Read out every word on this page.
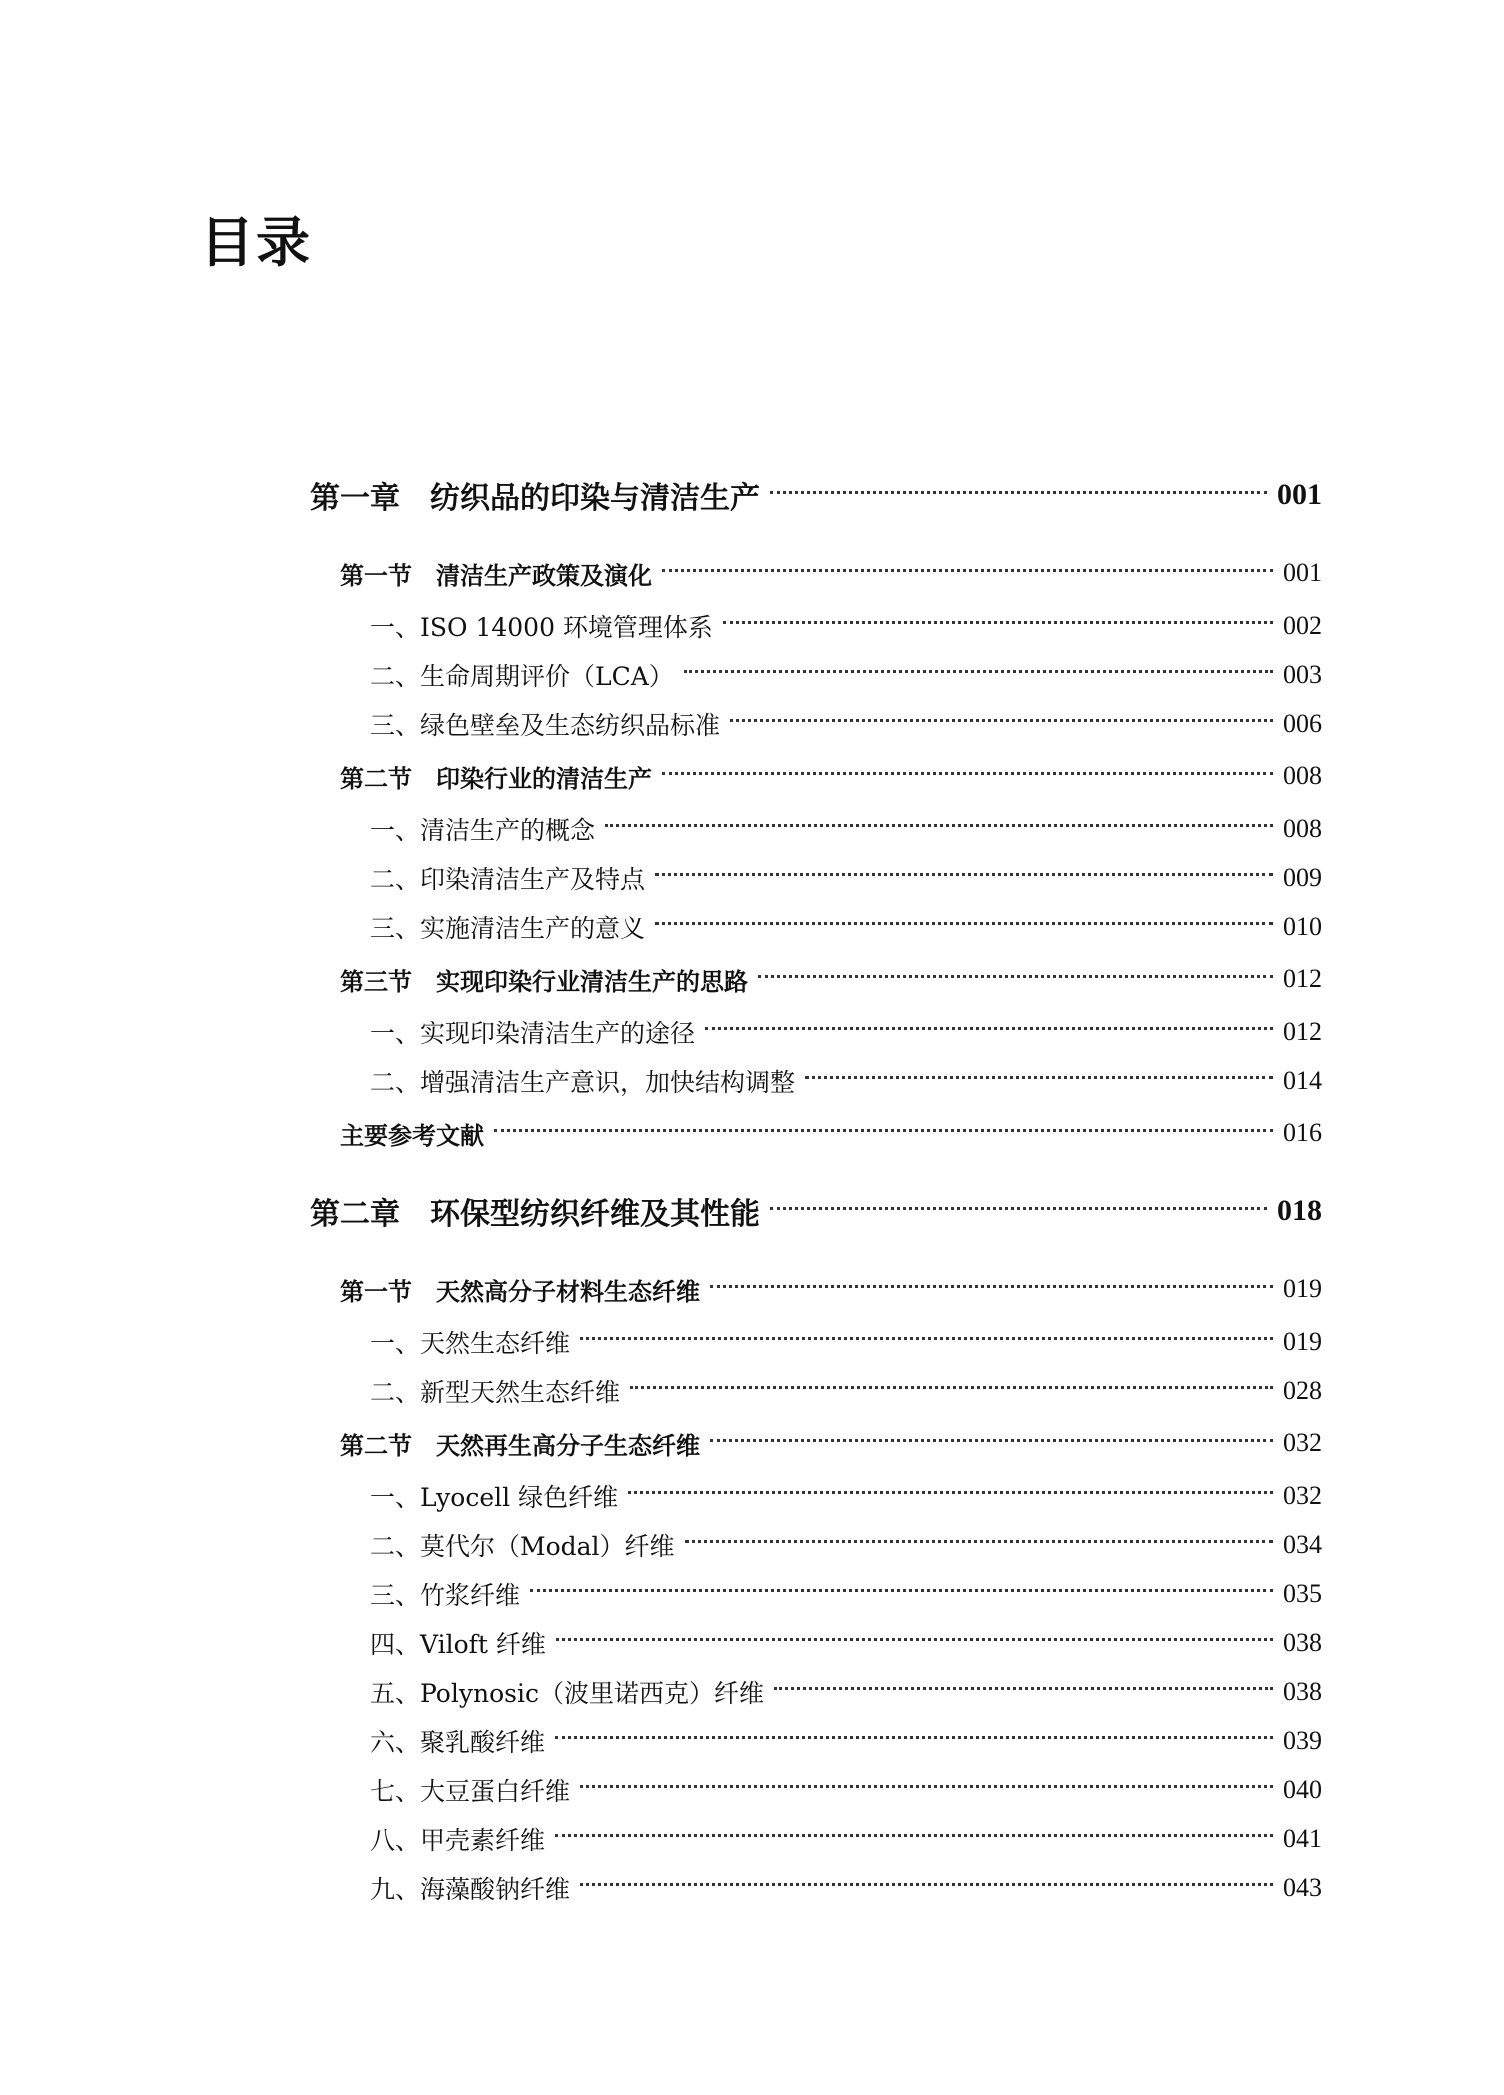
目录
第一章　纺织品的印染与清洁生产	001
第一节　清洁生产政策及演化	001
一、ISO 14000 环境管理体系	002
二、生命周期评价（LCA）	003
三、绿色壁垒及生态纺织品标准	006
第二节　印染行业的清洁生产	008
一、清洁生产的概念	008
二、印染清洁生产及特点	009
三、实施清洁生产的意义	010
第三节　实现印染行业清洁生产的思路	012
一、实现印染清洁生产的途径	012
二、增强清洁生产意识，加快结构调整	014
主要参考文献	016
第二章　环保型纺织纤维及其性能	018
第一节　天然高分子材料生态纤维	019
一、天然生态纤维	019
二、新型天然生态纤维	028
第二节　天然再生高分子生态纤维	032
一、Lyocell 绿色纤维	032
二、莫代尔（Modal）纤维	034
三、竹浆纤维	035
四、Viloft 纤维	038
五、Polynosic（波里诺西克）纤维	038
六、聚乳酸纤维	039
七、大豆蛋白纤维	040
八、甲壳素纤维	041
九、海藻酸钠纤维	043
